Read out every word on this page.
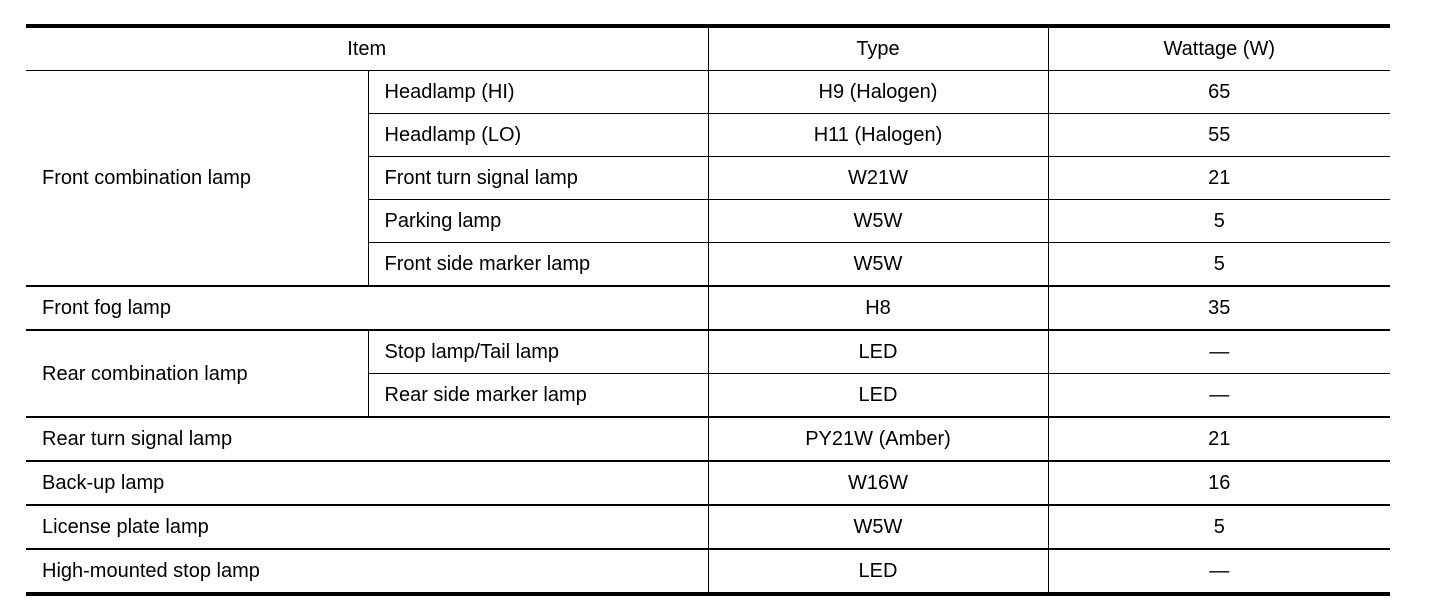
Item		Type	Wattage (W)
Front combination lamp	Headlamp (HI)	H9 (Halogen)	65
	Headlamp (LO)	H11 (Halogen)	55
	Front turn signal lamp	W21W	21
	Parking lamp	W5W	5
	Front side marker lamp	W5W	5
Front fog lamp		H8	35
Rear combination lamp	Stop lamp/Tail lamp	LED	—
	Rear side marker lamp	LED	—
Rear turn signal lamp		PY21W (Amber)	21
Back-up lamp		W16W	16
License plate lamp		W5W	5
High-mounted stop lamp		LED	—
